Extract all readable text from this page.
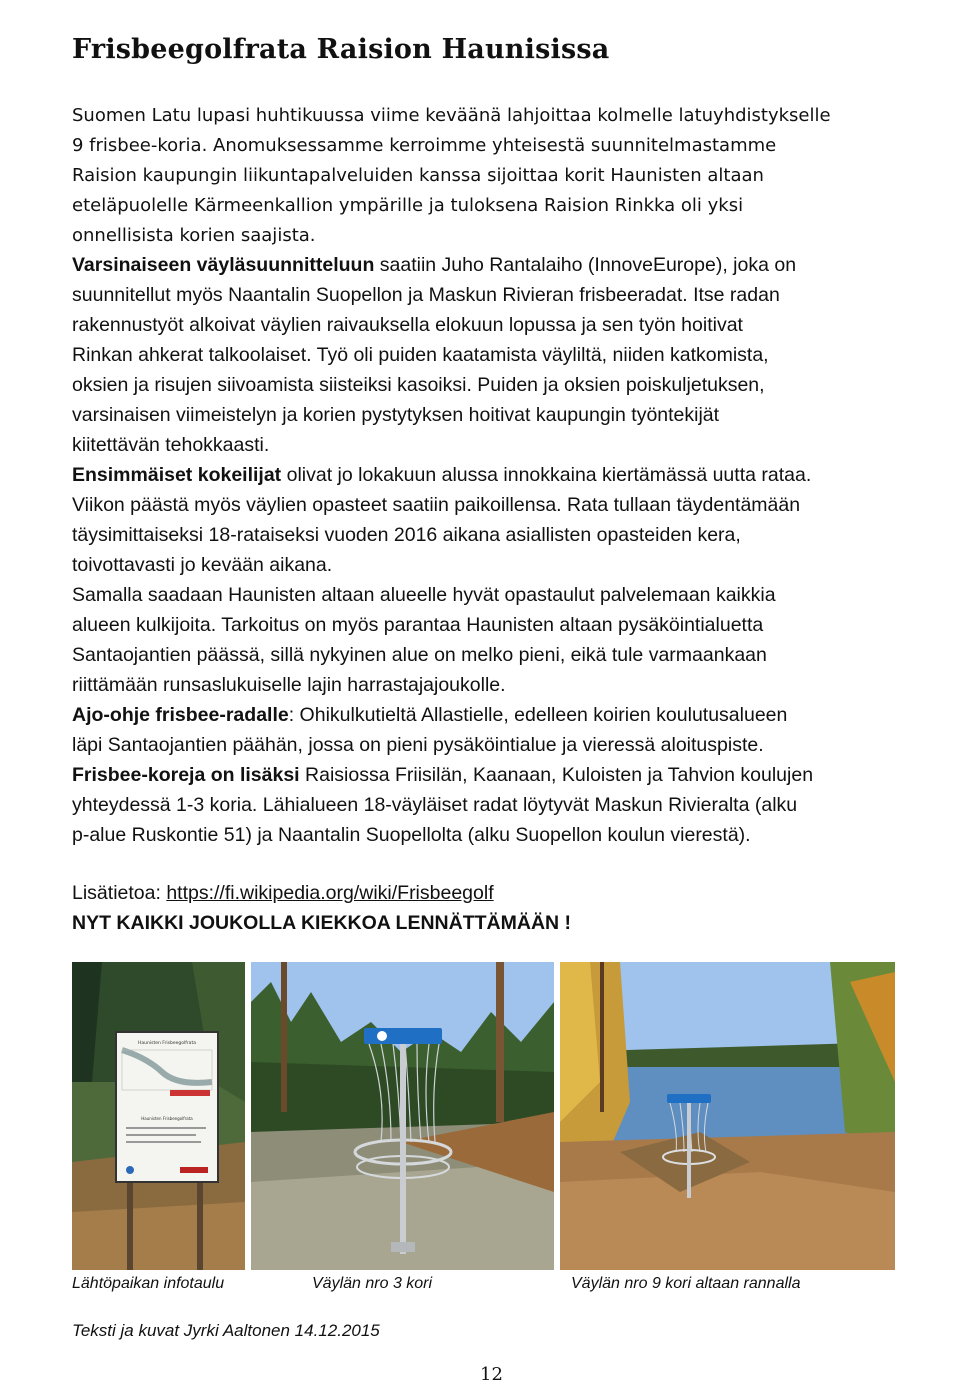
Frisbeegolfrata Raision Haunisissa
Suomen Latu lupasi huhtikuussa viime keväänä lahjoittaa kolmelle latuyhdistykselle
9 frisbee-koria. Anomuksessamme kerroimme yhteisestä suunnitelmastamme
Raision kaupungin liikuntapalveluiden kanssa sijoittaa korit Haunisten altaan
eteläpuolelle Kärmeenkallion ympärille ja tuloksena Raision Rinkka oli yksi
onnellisista korien saajista.
Varsinaiseen väyläsuunnitteluun saatiin Juho Rantalaiho (InnoveEurope), joka on
suunnitellut myös Naantalin Suopellon ja Maskun Rivieran frisbeeradat. Itse radan
rakennustyöt alkoivat väylien raivauksella elokuun lopussa ja sen työn hoitivat
Rinkan ahkerat talkoolaiset. Työ oli puiden kaatamista väyliltä, niiden katkomista,
oksien ja risujen siivoamista siisteiksi kasoiksi. Puiden ja oksien poiskuljetuksen,
varsinaisen viimeistelyn ja korien pystytyksen hoitivat kaupungin työntekijät
kiitettävän tehokkaasti.
Ensimmäiset kokeilijat olivat jo lokakuun alussa innokkaina kiertämässä uutta rataa.
Viikon päästä myös väylien opasteet saatiin paikoillensa. Rata tullaan täydentämään
täysimittaiseksi 18-rataiseksi vuoden 2016 aikana asiallisten opasteiden kera,
toivottavasti jo kevään aikana.
Samalla saadaan Haunisten altaan alueelle hyvät opastaulut palvelemaan kaikkia
alueen kulkijoita. Tarkoitus on myös parantaa Haunisten altaan pysäköintialuetta
Santaojantien päässä, sillä nykyinen alue on melko pieni, eikä tule varmaankaan
riittämään runsaslukuiselle lajin harrastajajoukolle.
Ajo-ohje frisbee-radalle: Ohikulkutieltä Allastielle, edelleen koirien koulutusalueen
läpi Santaojantien päähän, jossa on pieni pysäköintialue ja vieressä aloituspiste.
Frisbee-koreja on lisäksi Raisiossa Friisilän, Kaanaan, Kuloisten ja Tahvion koulujen
yhteydessä 1-3 koria. Lähialueen 18-väyläiset radat löytyvät Maskun Rivieralta (alku
p-alue Ruskontie 51) ja Naantalin Suopellolta (alku Suopellon koulun vierestä).
Lisätietoa: https://fi.wikipedia.org/wiki/Frisbeegolf
NYT KAIKKI JOUKOLLA KIEKKOA LENNÄTTÄMÄÄN !
Haunisten Frisbeegolfrata
Haunisten Frisbeegolfrata
Lähtöpaikan infotaulu	Väylän nro 3 kori	Väylän nro 9 kori altaan rannalla
Teksti ja kuvat Jyrki Aaltonen 14.12.2015
12
